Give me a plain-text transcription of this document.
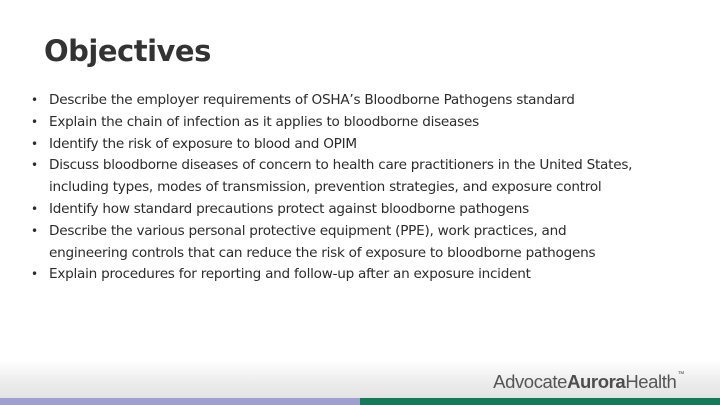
Objectives
• Describe the employer requirements of OSHA’s Bloodborne Pathogens standard
• Explain the chain of infection as it applies to bloodborne diseases
• Identify the risk of exposure to blood and OPIM
• Discuss bloodborne diseases of concern to health care practitioners in the United States,
including types, modes of transmission, prevention strategies, and exposure control
• Identify how standard precautions protect against bloodborne pathogens
• Describe the various personal protective equipment (PPE), work practices, and
engineering controls that can reduce the risk of exposure to bloodborne pathogens
• Explain procedures for reporting and follow-up after an exposure incident
AdvocateAuroraHealth™
